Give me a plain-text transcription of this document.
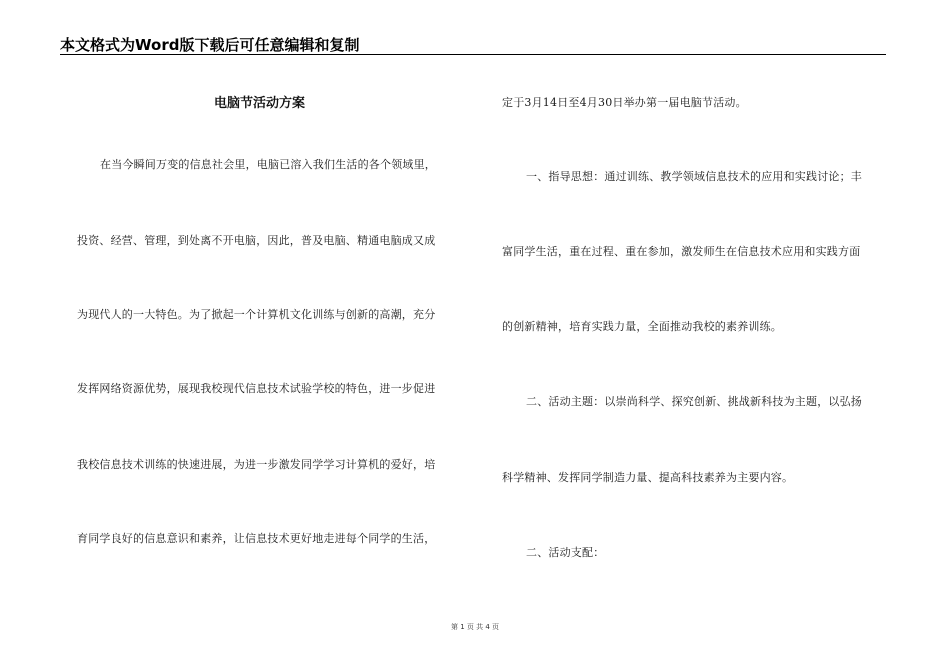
本文格式为Word版下载后可任意编辑和复制
电脑节活动方案
在当今瞬间万变的信息社会里，电脑已溶入我们生活的各个领域里，
投资、经营、管理，到处离不开电脑，因此，普及电脑、精通电脑成又成
为现代人的一大特色。为了掀起一个计算机文化训练与创新的高潮，充分
发挥网络资源优势，展现我校现代信息技术试验学校的特色，进一步促进
我校信息技术训练的快速进展，为进一步激发同学学习计算机的爱好，培
育同学良好的信息意识和素养，让信息技术更好地走进每个同学的生活，
定于3月14日至4月30日举办第一届电脑节活动。
一、指导思想：通过训练、教学领域信息技术的应用和实践讨论；丰
富同学生活，重在过程、重在参加，激发师生在信息技术应用和实践方面
的创新精神，培育实践力量，全面推动我校的素养训练。
二、活动主题：以崇尚科学、探究创新、挑战新科技为主题，以弘扬
科学精神、发挥同学制造力量、提高科技素养为主要内容。
二、活动支配：
第 1 页 共 4 页
